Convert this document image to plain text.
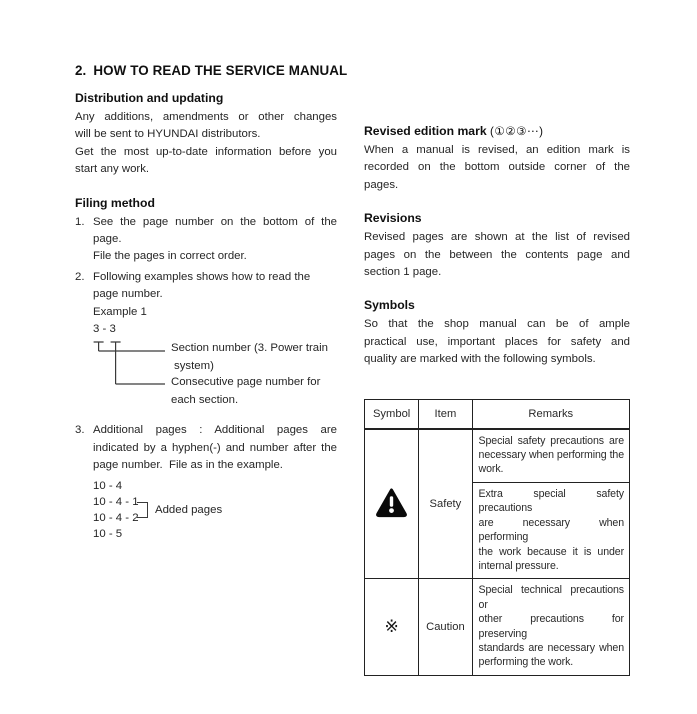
2. HOW TO READ THE SERVICE MANUAL
Distribution and updating

Any additions, amendments or other changes
will be sent to HYUNDAI distributors.

Get the most up-to-date information before you
start any work.

Filing method
1. See the page number on the bottom of the
page.

File the pages in correct order.

2. Following examples shows how to read the
page number.

Example 1
3 - 3
Section number (3. Power train
system)
Consecutive page number for
each section.
3. Additional pages : Additional pages are
indicated by a hyphen(-) and number after the
page number.  File as in the example.

10 - 4
10 - 4 - 1
10 - 4 - 2
Added pages
10 - 5
Revised edition mark (①②③⋯)

When a manual is revised, an edition mark is
recorded on the bottom outside corner of the
pages.

Revisions

Revised pages are shown at the list of revised
pages on the between the contents page and
section 1 page.

Symbols

So that the shop manual can be of ample
practical use, important places for safety and
quality are marked with the following symbols.

Symbol	Item	Remarks
	Safety	Special safety precautions are
necessary when performing the
work.

		Extra special safety precautions
are necessary when performing
the work because it is under
internal pressure.

※	Caution	Special technical precautions or
other precautions for preserving
standards are necessary when
performing the work.
